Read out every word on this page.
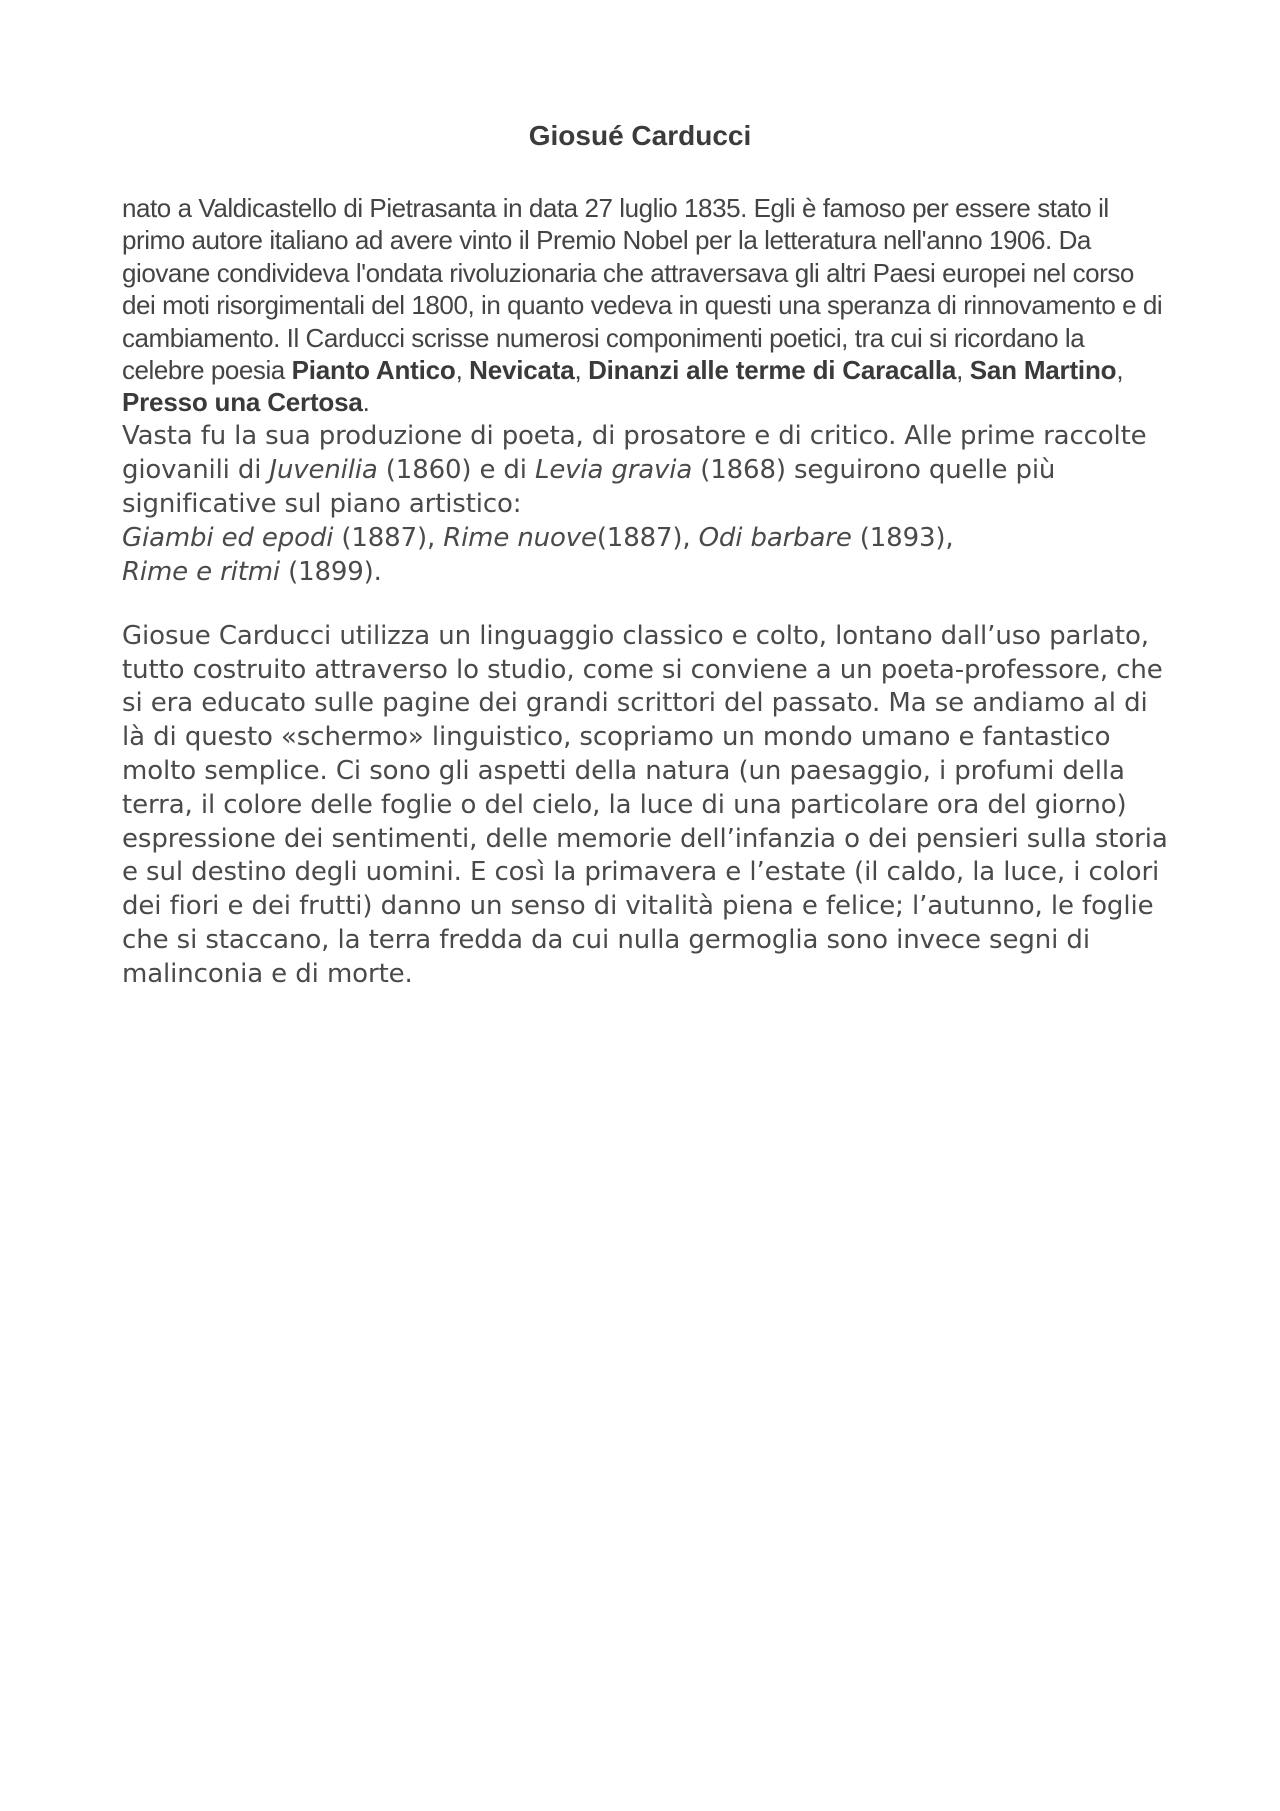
Giosué Carducci

nato a Valdicastello di Pietrasanta in data 27 luglio 1835. Egli è famoso per essere stato il primo autore italiano ad avere vinto il Premio Nobel per la letteratura nell'anno 1906. Da giovane condivideva l'ondata rivoluzionaria che attraversava gli altri Paesi europei nel corso dei moti risorgimentali del 1800, in quanto vedeva in questi una speranza di rinnovamento e di cambiamento. Il Carducci scrisse numerosi componimenti poetici, tra cui si ricordano la celebre poesia Pianto Antico, Nevicata, Dinanzi alle terme di Caracalla, San Martino, Presso una Certosa.

Vasta fu la sua produzione di poeta, di prosatore e di critico. Alle prime raccolte giovanili di Juvenilia (1860) e di Levia gravia (1868) seguirono quelle più significative sul piano artistico:
Giambi ed epodi (1887), Rime nuove(1887), Odi barbare (1893),
Rime e ritmi (1899).

Giosue Carducci utilizza un linguaggio classico e colto, lontano dall’uso parlato, tutto costruito attraverso lo studio, come si conviene a un poeta-professore, che si era educato sulle pagine dei grandi scrittori del passato. Ma se andiamo al di là di questo «schermo» linguistico, scopriamo un mondo umano e fantastico molto semplice. Ci sono gli aspetti della natura (un paesaggio, i profumi della terra, il colore delle foglie o del cielo, la luce di una particolare ora del giorno) espressione dei sentimenti, delle memorie dell’infanzia o dei pensieri sulla storia e sul destino degli uomini. E così la primavera e l’estate (il caldo, la luce, i colori dei fiori e dei frutti) danno un senso di vitalità piena e felice; l’autunno, le foglie che si staccano, la terra fredda da cui nulla germoglia sono invece segni di malinconia e di morte.
